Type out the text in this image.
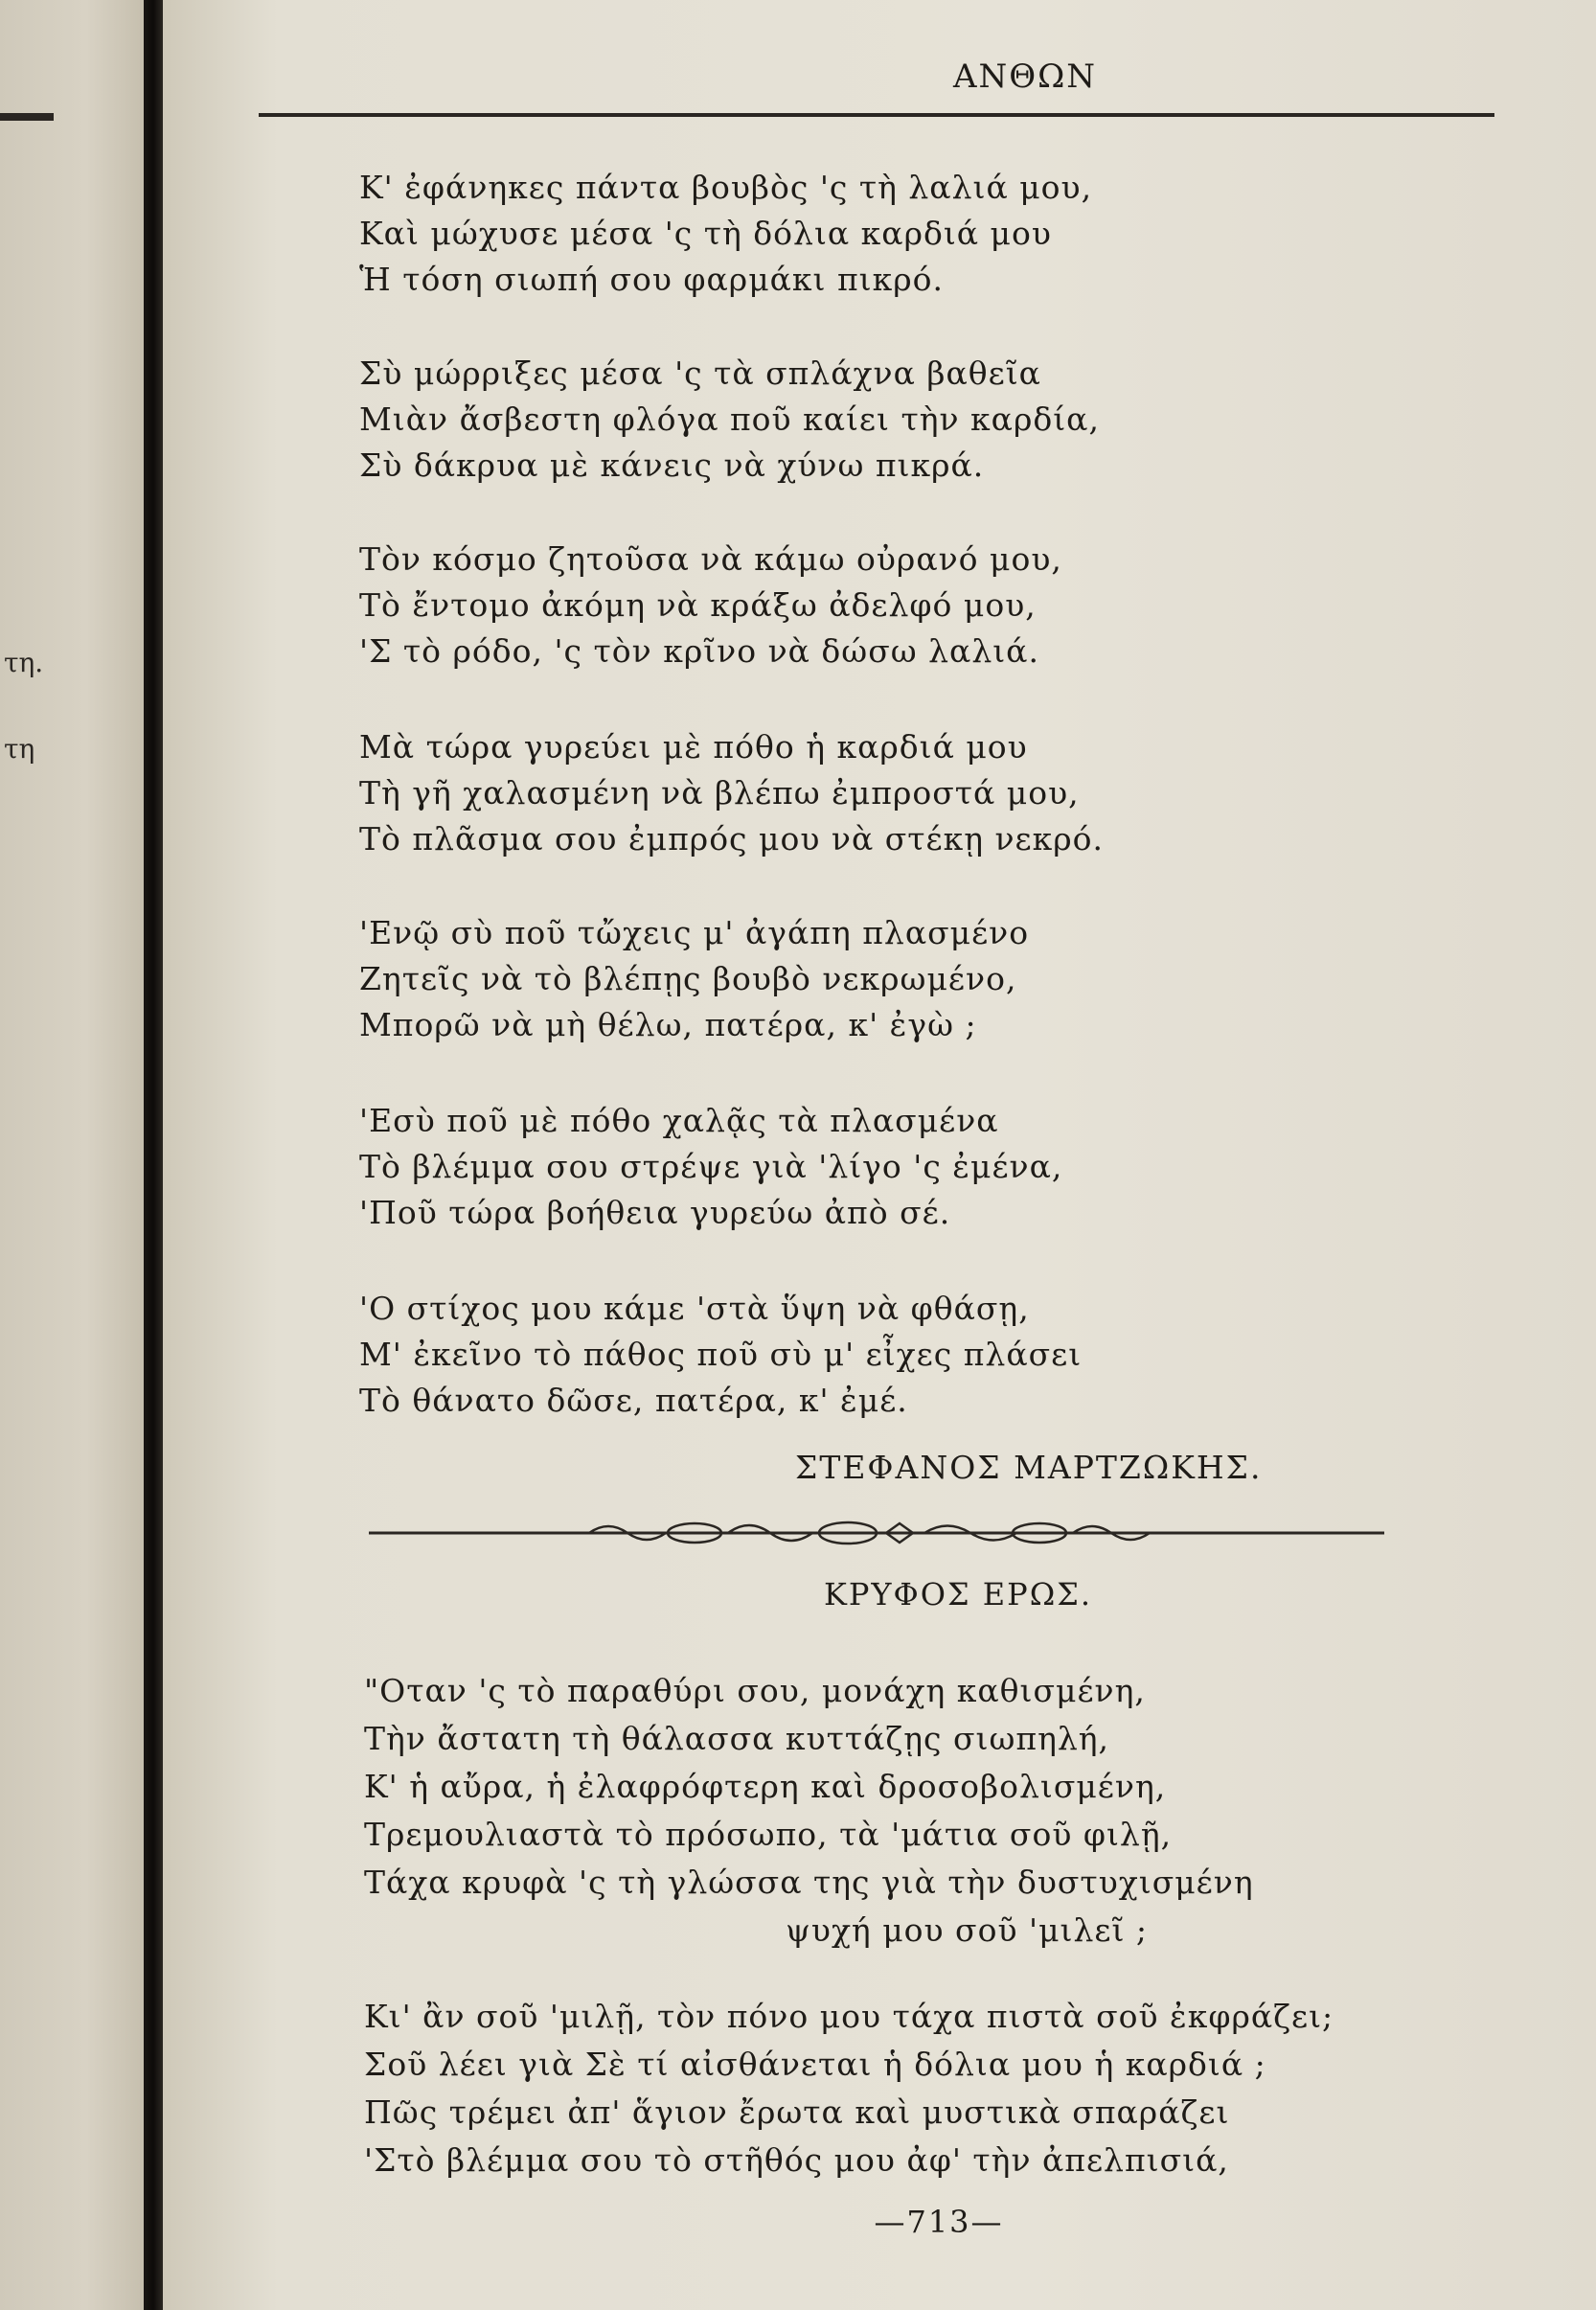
τη.
τη
ΑΝΘΩΝ
Κ' ἐφάνηκες πάντα βουβὸς 'ς τὴ λαλιά μου,
Καὶ μώχυσε μέσα 'ς τὴ δόλια καρδιά μου
Ἡ τόση σιωπή σου φαρμάκι πικρό.
Σὺ μώρριξες μέσα 'ς τὰ σπλάχνα βαθεῖα
Μιὰν ἄσβεστη φλόγα ποῦ καίει τὴν καρδία,
Σὺ δάκρυα μὲ κάνεις νὰ χύνω πικρά.
Τὸν κόσμο ζητοῦσα νὰ κάμω οὐρανό μου,
Τὸ ἔντομο ἀκόμη νὰ κράξω ἀδελφό μου,
'Σ τὸ ρόδο, 'ς τὸν κρῖνο νὰ δώσω λαλιά.
Μὰ τώρα γυρεύει μὲ πόθο ἡ καρδιά μου
Τὴ γῆ χαλασμένη νὰ βλέπω ἐμπροστά μου,
Τὸ πλᾶσμα σου ἐμπρός μου νὰ στέκῃ νεκρό.
'Ενῷ σὺ ποῦ τὤχεις μ' ἀγάπη πλασμένο
Ζητεῖς νὰ τὸ βλέπῃς βουβὸ νεκρωμένο,
Μπορῶ νὰ μὴ θέλω, πατέρα, κ' ἐγὼ ;
'Εσὺ ποῦ μὲ πόθο χαλᾷς τὰ πλασμένα
Τὸ βλέμμα σου στρέψε γιὰ 'λίγο 'ς ἐμένα,
'Ποῦ τώρα βοήθεια γυρεύω ἀπὸ σέ.
'Ο στίχος μου κάμε 'στὰ ὕψη νὰ φθάσῃ,
Μ' ἐκεῖνο τὸ πάθος ποῦ σὺ μ' εἶχες πλάσει
Τὸ θάνατο δῶσε, πατέρα, κ' ἐμέ.
ΣΤΕΦΑΝΟΣ ΜΑΡΤΖΩΚΗΣ.
ΚΡΥΦΟΣ ΕΡΩΣ.
"Οταν 'ς τὸ παραθύρι σου, μονάχη καθισμένη,
Τὴν ἄστατη τὴ θάλασσα κυττάζῃς σιωπηλή,
Κ' ἡ αὔρα, ἡ ἐλαφρόφτερη καὶ δροσοβολισμένη,
Τρεμουλιαστὰ τὸ πρόσωπο, τὰ 'μάτια σοῦ φιλῇ,
Τάχα κρυφὰ 'ς τὴ γλώσσα της γιὰ τὴν δυστυχισμένη
ψυχή μου σοῦ 'μιλεῖ ;
Κι' ἂν σοῦ 'μιλῇ, τὸν πόνο μου τάχα πιστὰ σοῦ ἐκφράζει;
Σοῦ λέει γιὰ Σὲ τί αἰσθάνεται ἡ δόλια μου ἡ καρδιά ;
Πῶς τρέμει ἀπ' ἅγιον ἔρωτα καὶ μυστικὰ σπαράζει
'Στὸ βλέμμα σου τὸ στῆθός μου ἀφ' τὴν ἀπελπισιά,
—713—
